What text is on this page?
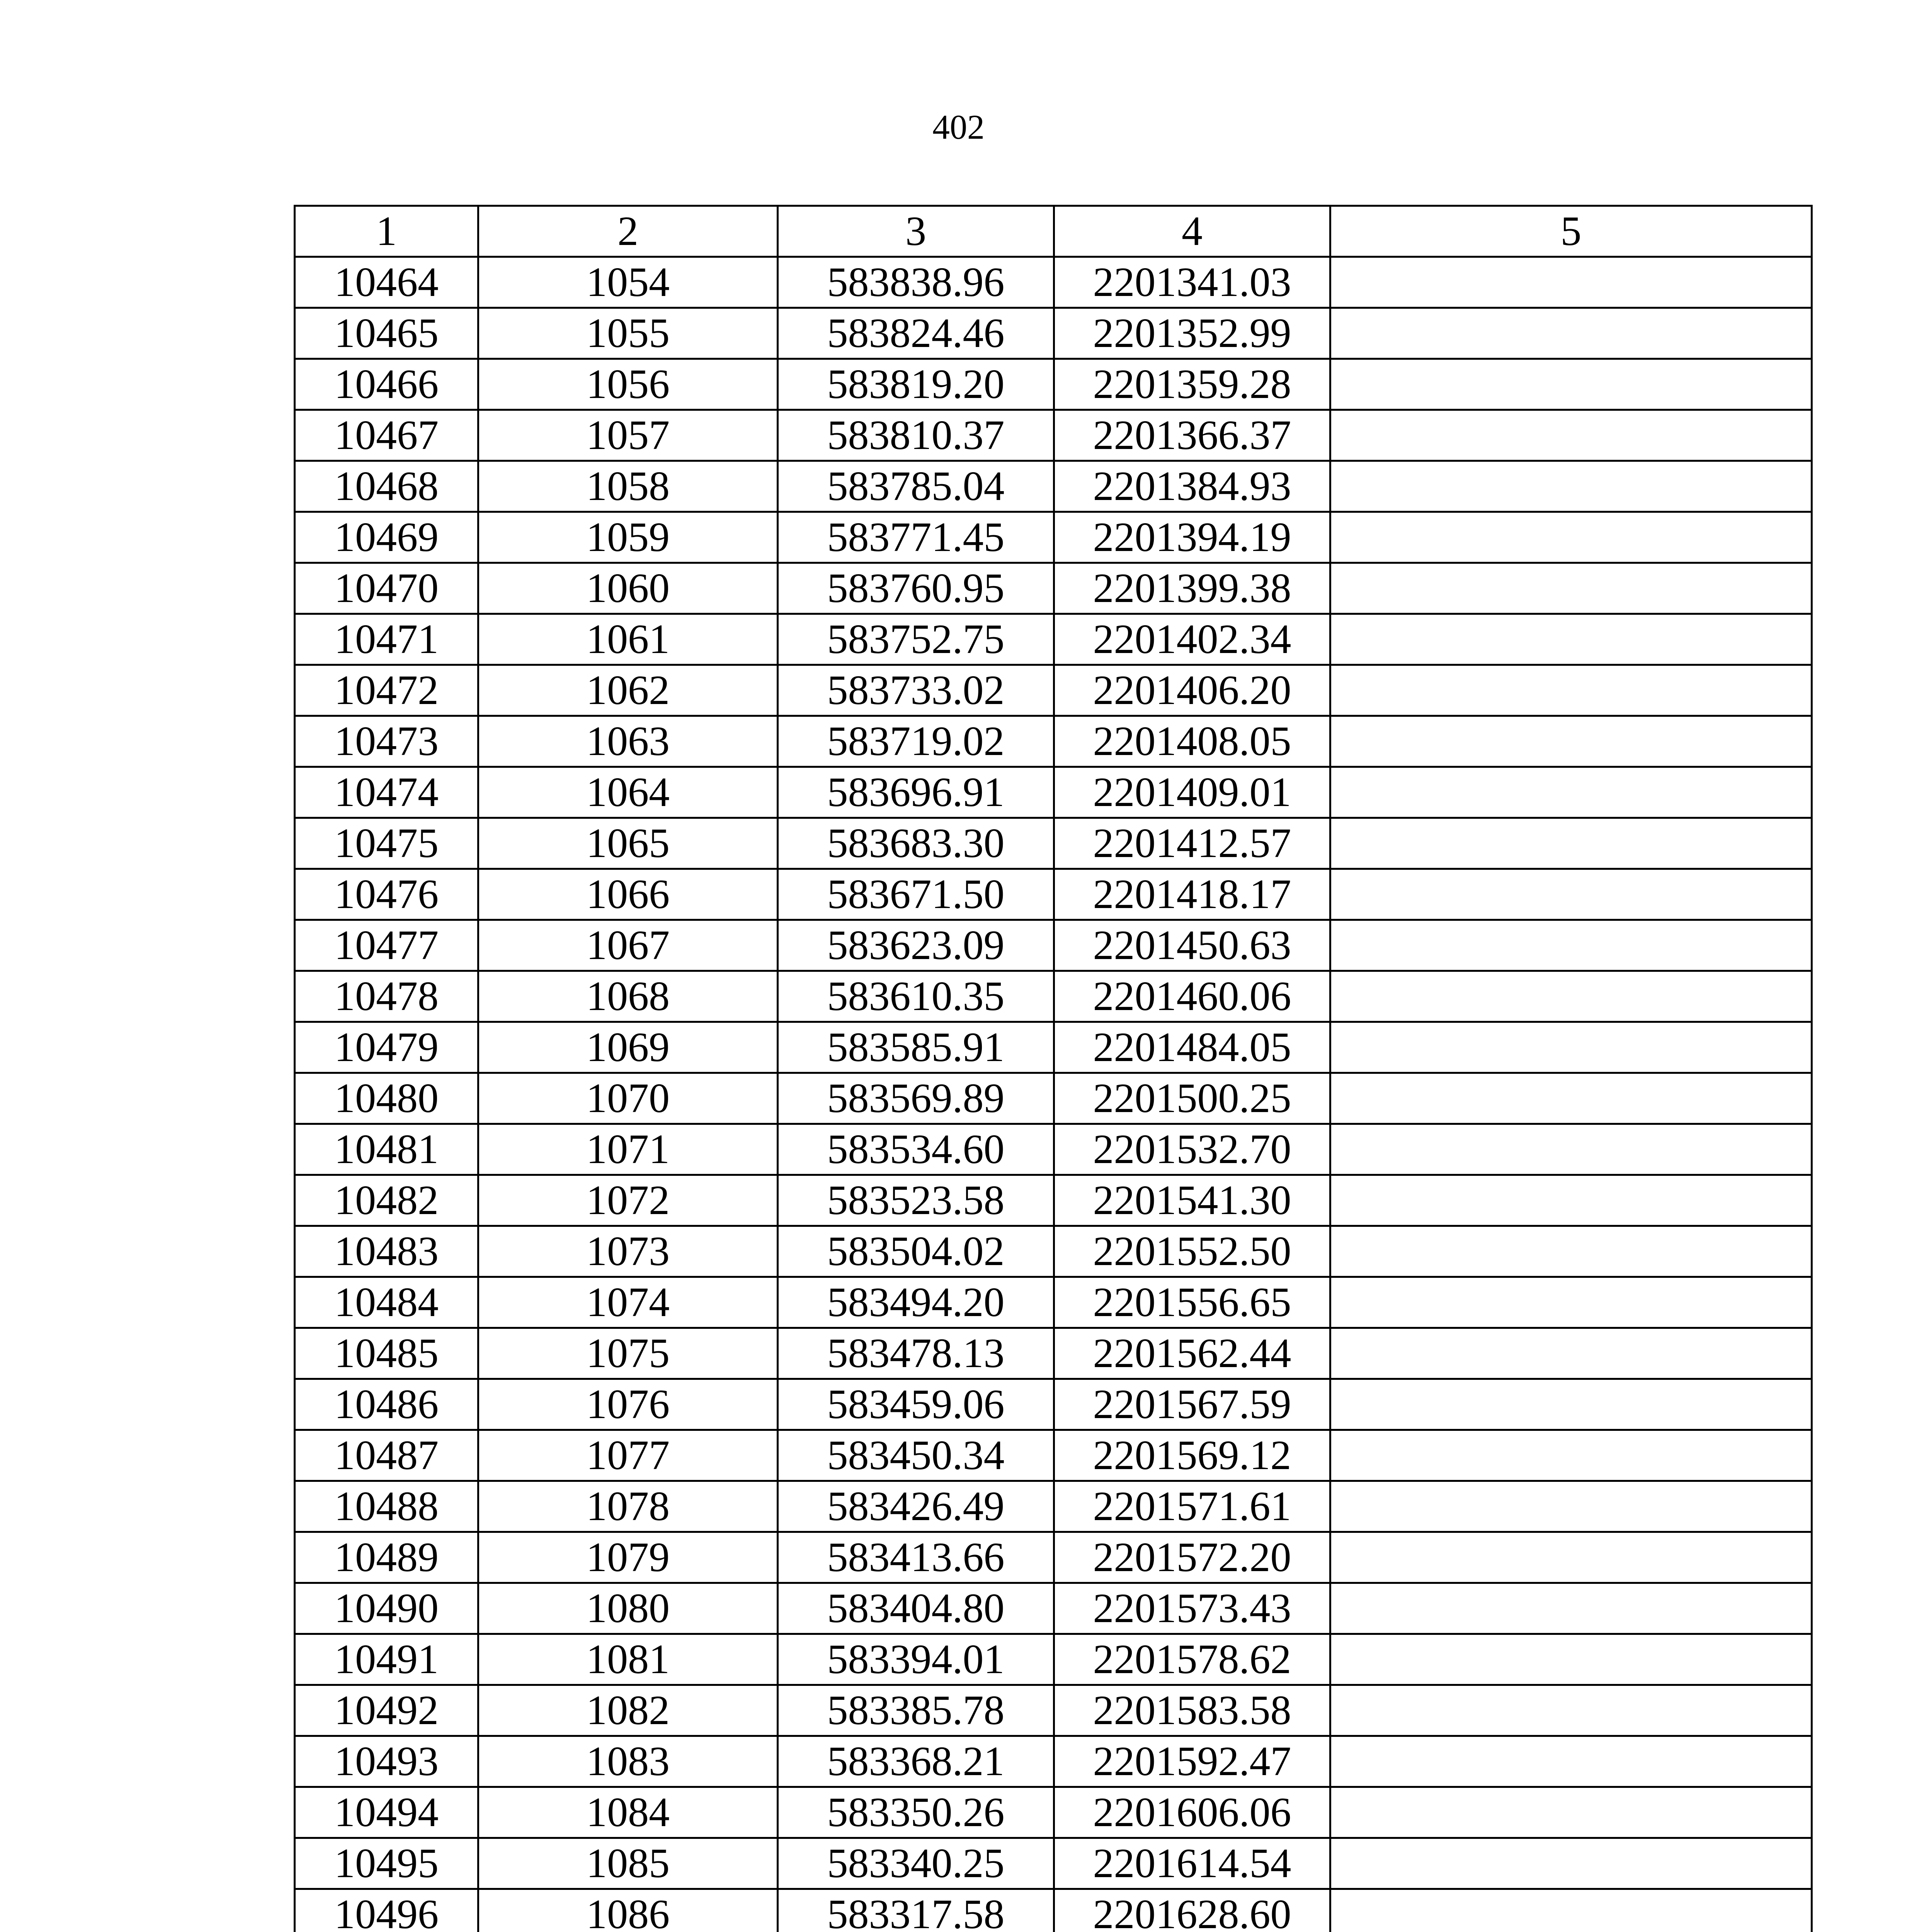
402
1	2	3	4	5
10464	1054	583838.96	2201341.03	
10465	1055	583824.46	2201352.99	
10466	1056	583819.20	2201359.28	
10467	1057	583810.37	2201366.37	
10468	1058	583785.04	2201384.93	
10469	1059	583771.45	2201394.19	
10470	1060	583760.95	2201399.38	
10471	1061	583752.75	2201402.34	
10472	1062	583733.02	2201406.20	
10473	1063	583719.02	2201408.05	
10474	1064	583696.91	2201409.01	
10475	1065	583683.30	2201412.57	
10476	1066	583671.50	2201418.17	
10477	1067	583623.09	2201450.63	
10478	1068	583610.35	2201460.06	
10479	1069	583585.91	2201484.05	
10480	1070	583569.89	2201500.25	
10481	1071	583534.60	2201532.70	
10482	1072	583523.58	2201541.30	
10483	1073	583504.02	2201552.50	
10484	1074	583494.20	2201556.65	
10485	1075	583478.13	2201562.44	
10486	1076	583459.06	2201567.59	
10487	1077	583450.34	2201569.12	
10488	1078	583426.49	2201571.61	
10489	1079	583413.66	2201572.20	
10490	1080	583404.80	2201573.43	
10491	1081	583394.01	2201578.62	
10492	1082	583385.78	2201583.58	
10493	1083	583368.21	2201592.47	
10494	1084	583350.26	2201606.06	
10495	1085	583340.25	2201614.54	
10496	1086	583317.58	2201628.60	
